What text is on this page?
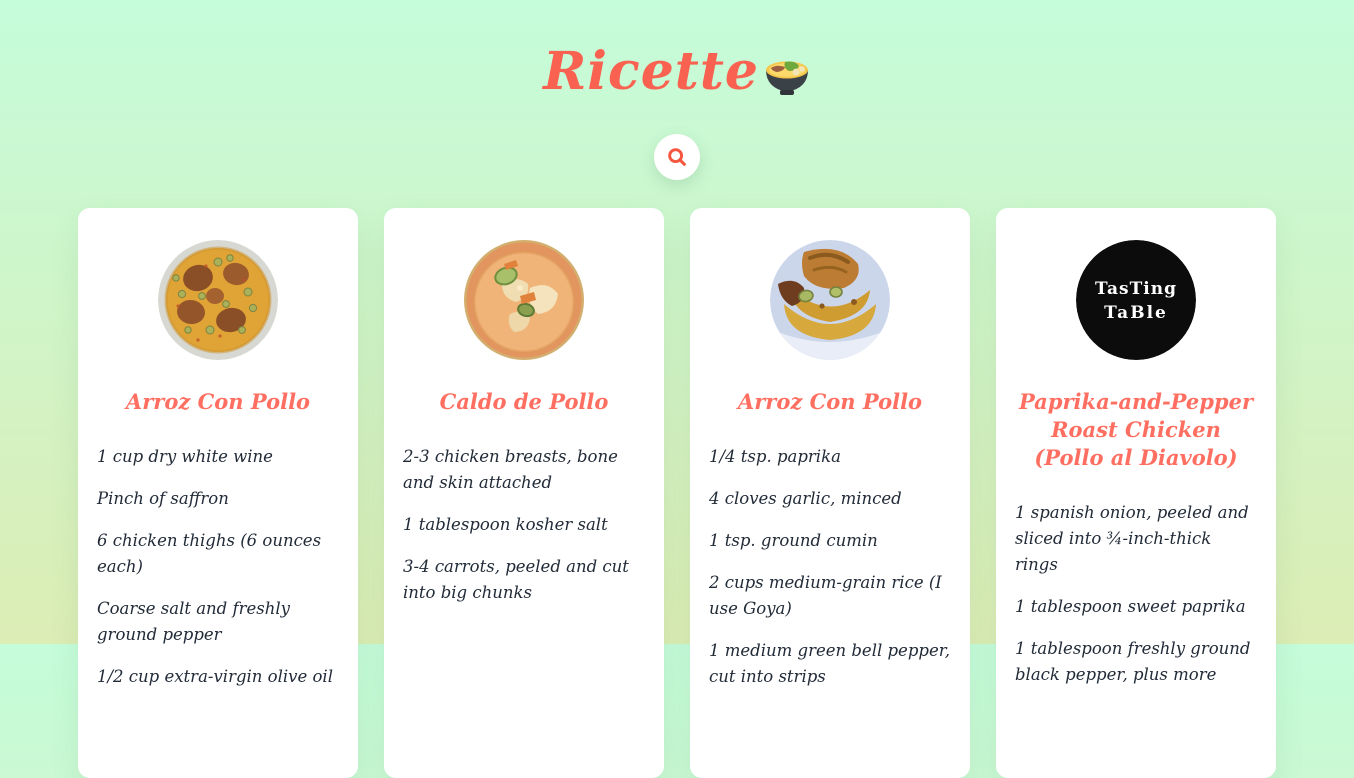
Ricette
Arroz Con Pollo

1 cup dry white wine

Pinch of saffron

6 chicken thighs (6 ounces each)

Coarse salt and freshly ground pepper

1/2 cup extra-virgin olive oil

Caldo de Pollo

2-3 chicken breasts, bone and skin attached

1 tablespoon kosher salt

3-4 carrots, peeled and cut into big chunks

Arroz Con Pollo

1/4 tsp. paprika

4 cloves garlic, minced

1 tsp. ground cumin

2 cups medium-grain rice (I use Goya)

1 medium green bell pepper, cut into strips

TasTing
TaBle
Paprika-and-Pepper Roast Chicken (Pollo al Diavolo)

1 spanish onion, peeled and sliced into ¾-inch-thick rings

1 tablespoon sweet paprika

1 tablespoon freshly ground black pepper, plus more
